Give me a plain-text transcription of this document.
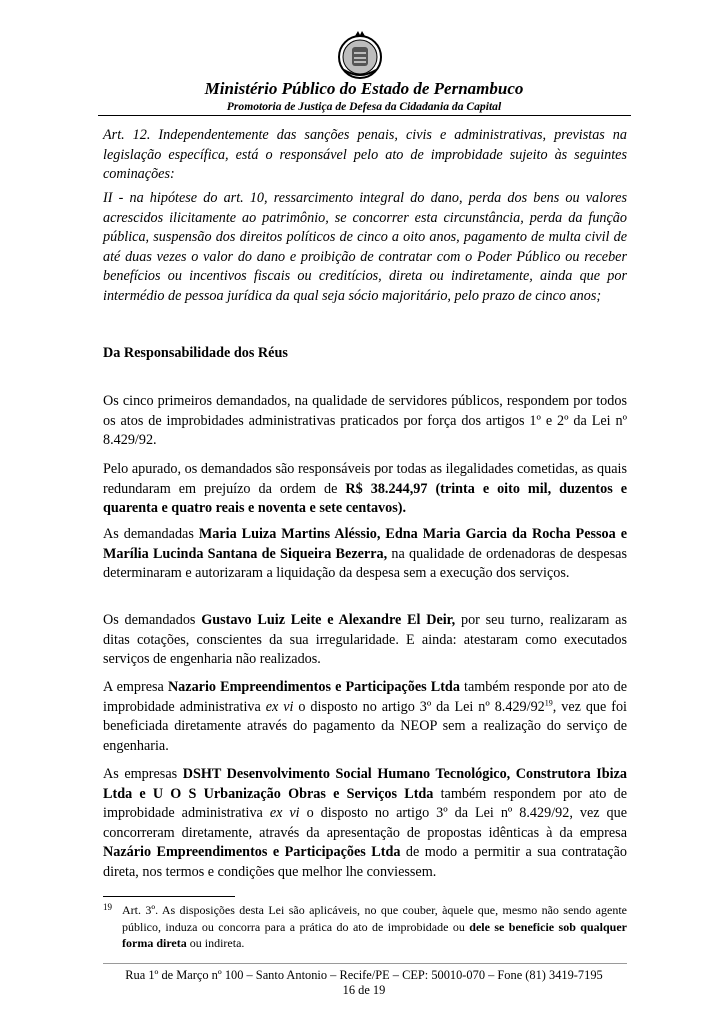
Ministério Público do Estado de Pernambuco
Promotoria de Justiça de Defesa da Cidadania da Capital

Art. 12. Independentemente das sanções penais, civis e administrativas, previstas na legislação específica, está o responsável pelo ato de improbidade sujeito às seguintes cominações:

II - na hipótese do art. 10, ressarcimento integral do dano, perda dos bens ou valores acrescidos ilicitamente ao patrimônio, se concorrer esta circunstância, perda da função pública, suspensão dos direitos políticos de cinco a oito anos, pagamento de multa civil de até duas vezes o valor do dano e proibição de contratar com o Poder Público ou receber benefícios ou incentivos fiscais ou creditícios, direta ou indiretamente, ainda que por intermédio de pessoa jurídica da qual seja sócio majoritário, pelo prazo de cinco anos;

Da Responsabilidade dos Réus

Os cinco primeiros demandados, na qualidade de servidores públicos, respondem por todos os atos de improbidades administrativas praticados por força dos artigos 1º e 2º da Lei nº 8.429/92.

Pelo apurado, os demandados são responsáveis por todas as ilegalidades cometidas, as quais redundaram em prejuízo da ordem de R$ 38.244,97 (trinta e oito mil, duzentos e quarenta e quatro reais e noventa e sete centavos).

As demandadas Maria Luiza Martins Aléssio, Edna Maria Garcia da Rocha Pessoa e Marília Lucinda Santana de Siqueira Bezerra, na qualidade de ordenadoras de despesas determinaram e autorizaram a liquidação da despesa sem a execução dos serviços.

Os demandados Gustavo Luiz Leite e Alexandre El Deir, por seu turno, realizaram as ditas cotações, conscientes da sua irregularidade. E ainda: atestaram como executados serviços de engenharia não realizados.

A empresa Nazario Empreendimentos e Participações Ltda também responde por ato de improbidade administrativa ex vi o disposto no artigo 3º da Lei nº $8.429/92^{19}$, vez que foi beneficiada diretamente através do pagamento da NEOP sem a realização do serviço de engenharia.

As empresas DSHT Desenvolvimento Social Humano Tecnológico, Construtora Ibiza Ltda e U O S Urbanização Obras e Serviços Ltda também respondem por ato de improbidade administrativa ex vi o disposto no artigo 3º da Lei nº 8.429/92, vez que concorreram diretamente, através da apresentação de propostas idênticas à da empresa Nazário Empreendimentos e Participações Ltda de modo a permitir a sua contratação direta, nos termos e condições que melhor lhe conviessem.

19 Art. 3º. As disposições desta Lei são aplicáveis, no que couber, àquele que, mesmo não sendo agente público, induza ou concorra para a prática do ato de improbidade ou dele se beneficie sob qualquer forma direta ou indireta.
Rua 1º de Março nº 100 – Santo Antonio – Recife/PE – CEP: 50010-070 – Fone (81) 3419-7195
16 de 19
